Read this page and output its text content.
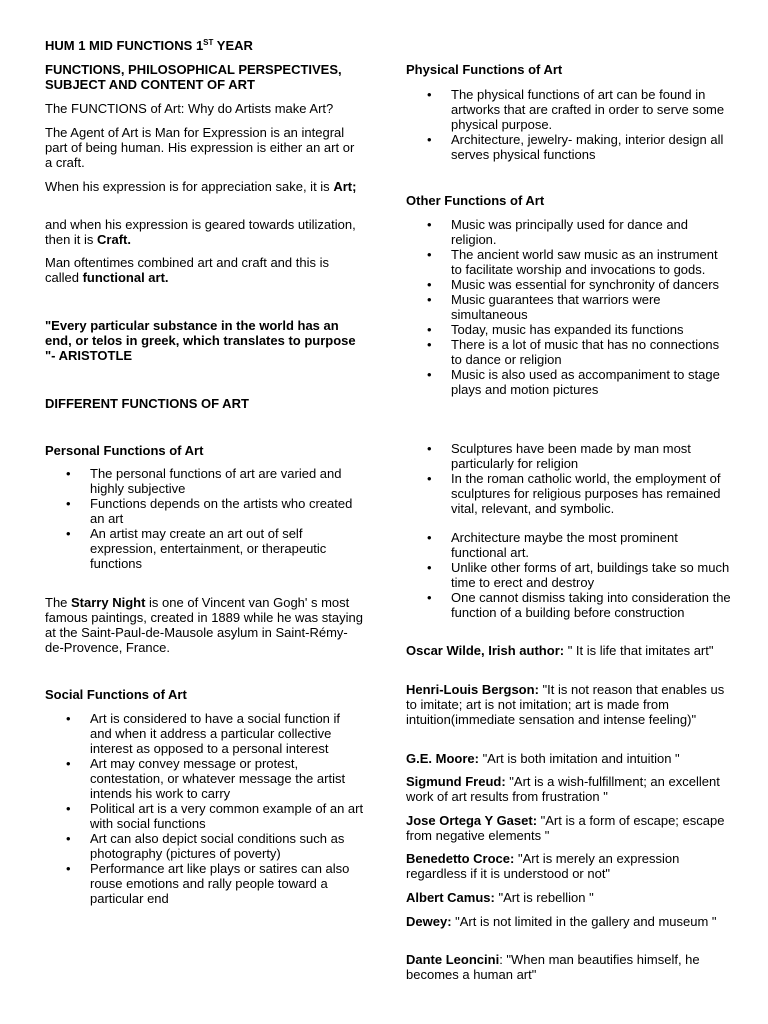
HUM 1 MID FUNCTIONS 1ST YEAR
FUNCTIONS, PHILOSOPHICAL PERSPECTIVES, SUBJECT AND CONTENT OF ART
The FUNCTIONS of Art: Why do Artists make Art?
The Agent of Art is Man for Expression is an integral part of being human. His expression is either an art or a craft.
When his expression is for appreciation sake, it is Art;
and when his expression is geared towards utilization, then it is Craft.
Man oftentimes combined art and craft and this is called functional art.
"Every particular substance in the world has an end, or telos in greek, which translates to purpose "- ARISTOTLE
DIFFERENT FUNCTIONS OF ART
Personal Functions of Art
• The personal functions of art are varied and highly subjective
• Functions depends on the artists who created an art
• An artist may create an art out of self expression, entertainment, or therapeutic functions
The Starry Night is one of Vincent van Gogh' s most famous paintings, created in 1889 while he was staying at the Saint-Paul-de-Mausole asylum in Saint-Rémy-de-Provence, France.
Social Functions of Art
• Art is considered to have a social function if and when it address a particular collective interest as opposed to a personal interest
• Art may convey message or protest, contestation, or whatever message the artist intends his work to carry
• Political art is a very common example of an art with social functions
• Art can also depict social conditions such as photography (pictures of poverty)
• Performance art like plays or satires can also rouse emotions and rally people toward a particular end
Physical Functions of Art
• The physical functions of art can be found in artworks that are crafted in order to serve some physical purpose.
• Architecture, jewelry- making, interior design all serves physical functions
Other Functions of Art
• Music was principally used for dance and religion.
• The ancient world saw music as an instrument to facilitate worship and invocations to gods.
• Music was essential for synchronity of dancers
• Music guarantees that warriors were simultaneous
• Today, music has expanded its functions
• There is a lot of music that has no connections to dance or religion
• Music is also used as accompaniment to stage plays and motion pictures
• Sculptures have been made by man most particularly for religion
• In the roman catholic world, the employment of sculptures for religious purposes has remained vital, relevant, and symbolic.
• Architecture maybe the most prominent functional art.
• Unlike other forms of art, buildings take so much time to erect and destroy
• One cannot dismiss taking into consideration the function of a building before construction
Oscar Wilde, Irish author: " It is life that imitates art"
Henri-Louis Bergson: "It is not reason that enables us to imitate; art is not imitation; art is made from intuition(immediate sensation and intense feeling)"
G.E. Moore: "Art is both imitation and intuition "
Sigmund Freud: "Art is a wish-fulfillment; an excellent work of art results from frustration "
Jose Ortega Y Gaset: "Art is a form of escape; escape from negative elements "
Benedetto Croce: "Art is merely an expression regardless if it is understood or not"
Albert Camus: "Art is rebellion "
Dewey: "Art is not limited in the gallery and museum "
Dante Leoncini: "When man beautifies himself, he becomes a human art"
